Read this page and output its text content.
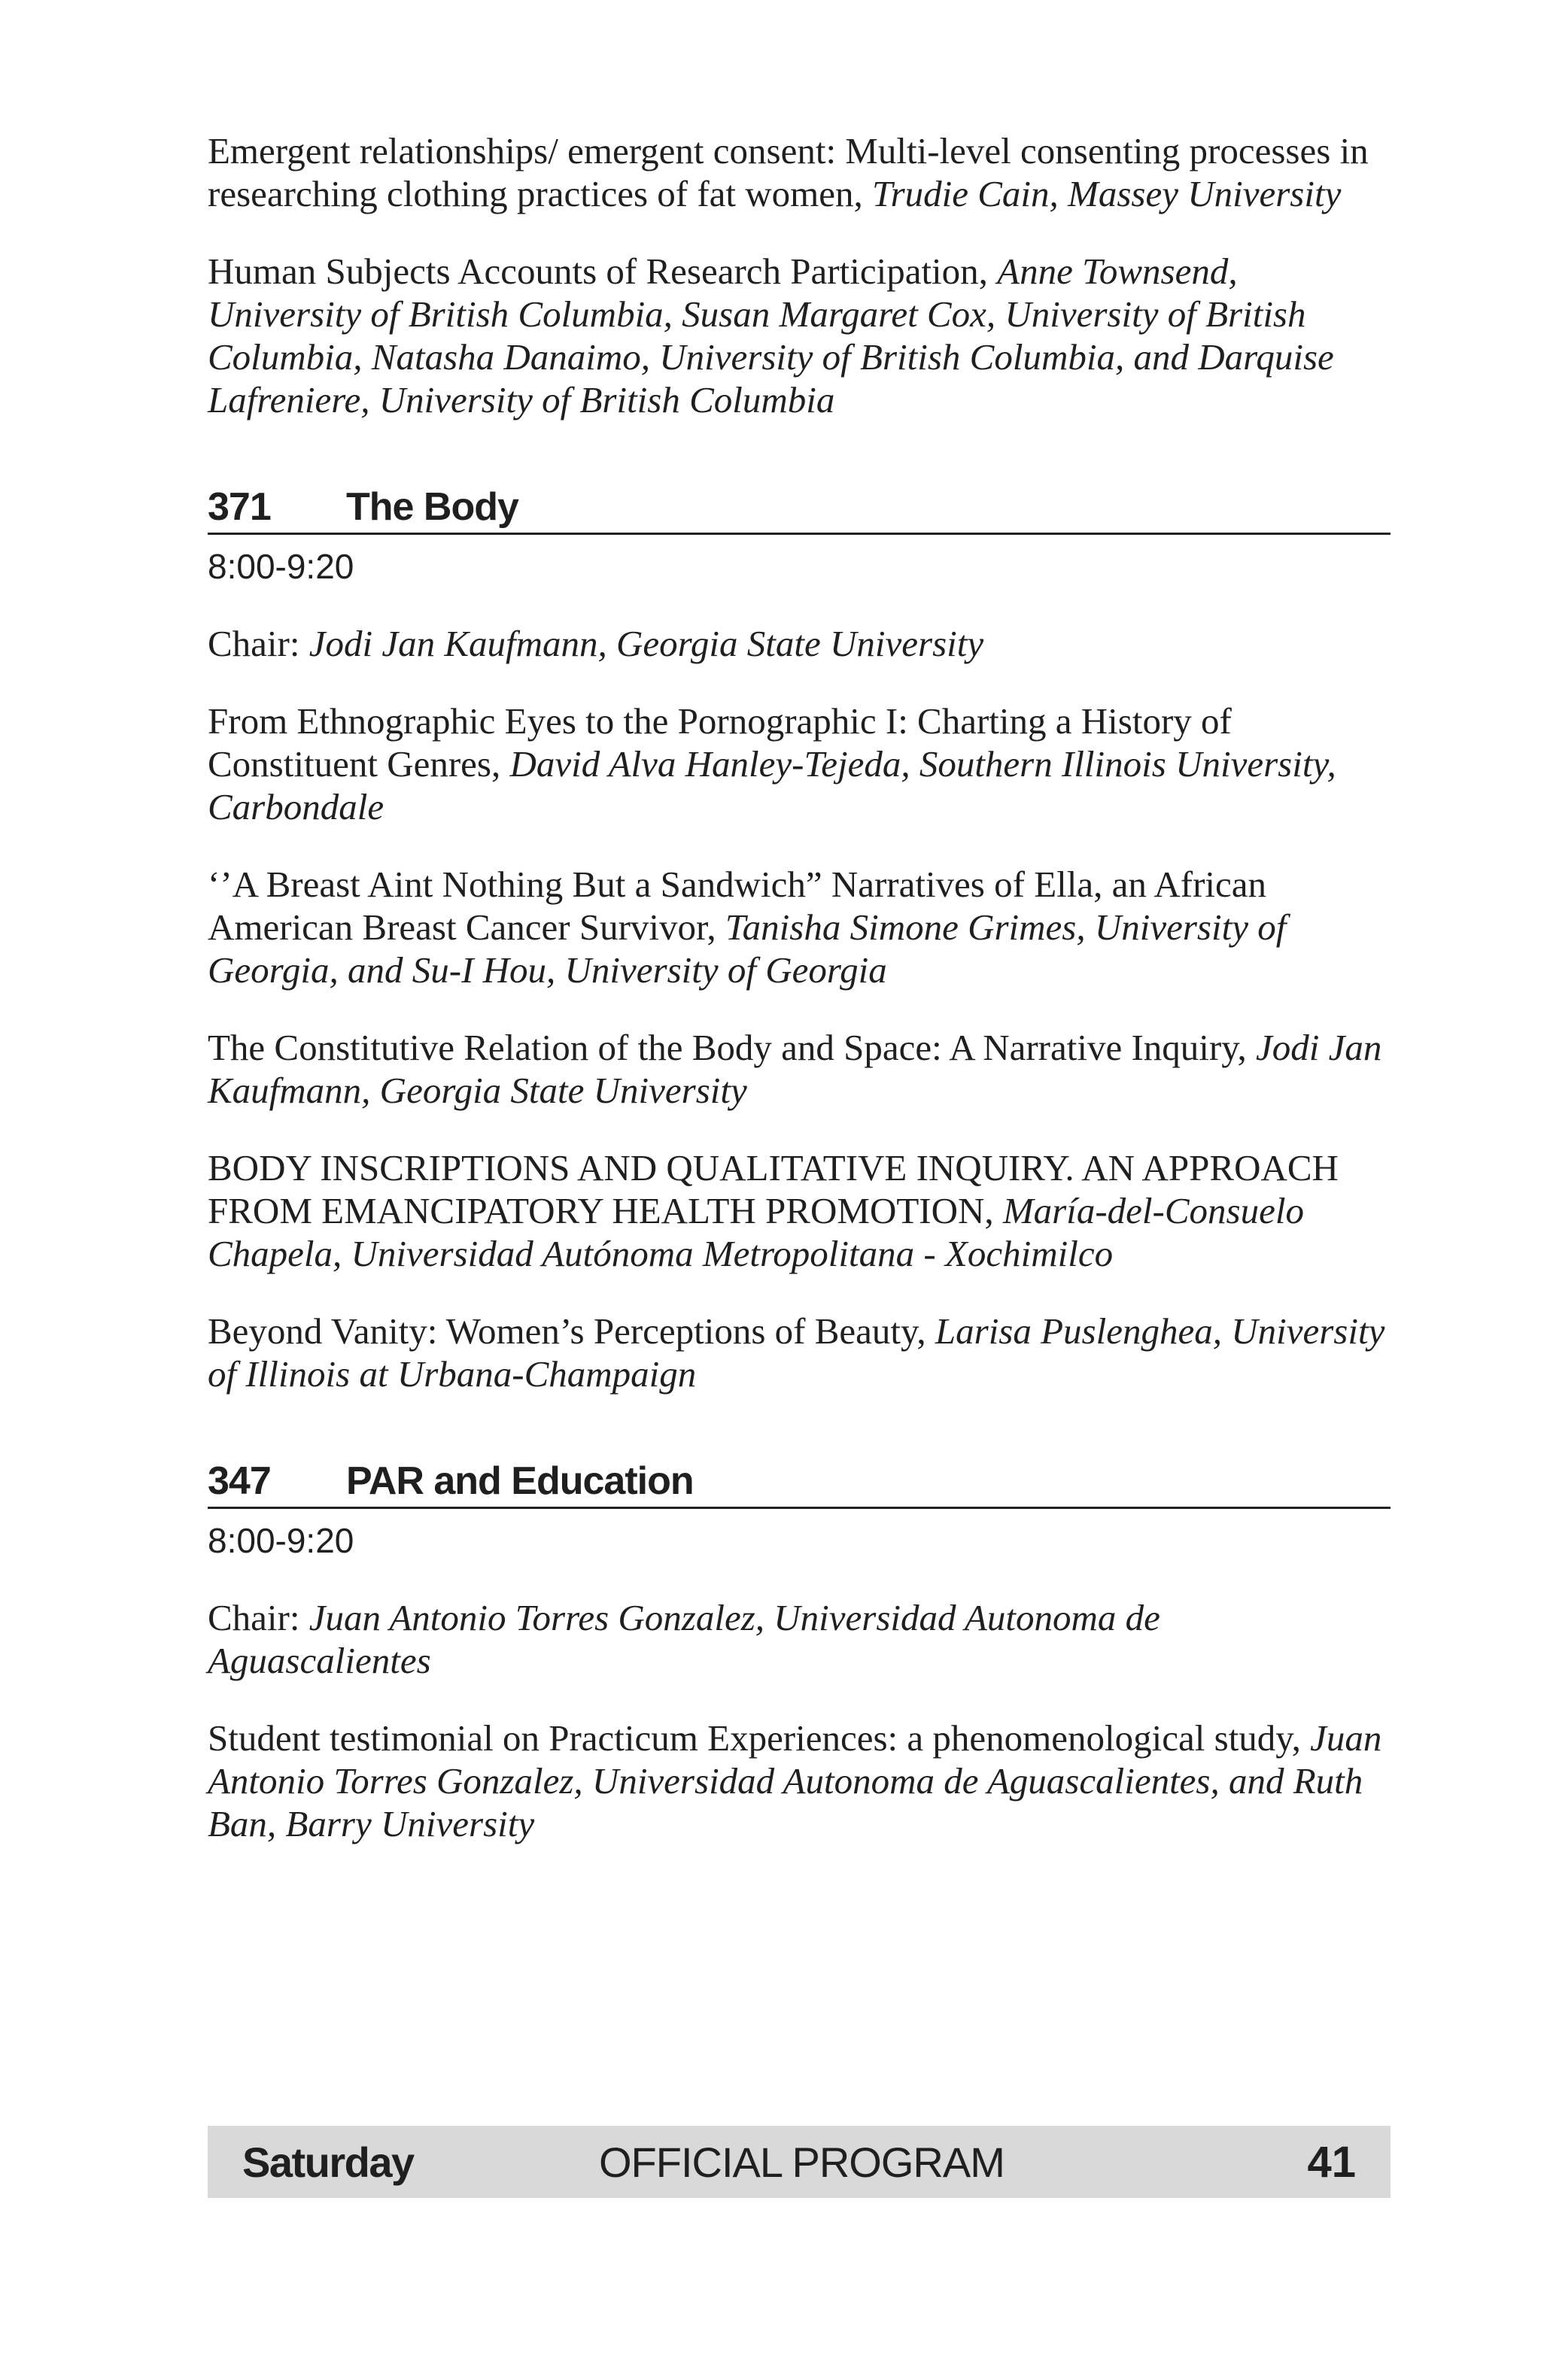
Emergent relationships/ emergent consent: Multi-level consenting processes in researching clothing practices of fat women, Trudie Cain, Massey University
Human Subjects Accounts of Research Participation, Anne Townsend, University of British Columbia, Susan Margaret Cox, University of British Columbia, Natasha Danaimo, University of British Columbia, and Darquise Lafreniere, University of British Columbia
371	The Body
8:00-9:20
Chair: Jodi Jan Kaufmann, Georgia State University
From Ethnographic Eyes to the Pornographic I: Charting a History of Constituent Genres, David Alva Hanley-Tejeda, Southern Illinois University, Carbondale
‘’A Breast Aint Nothing But a Sandwich” Narratives of Ella, an African American Breast Cancer Survivor, Tanisha Simone Grimes, University of Georgia, and Su-I Hou, University of Georgia
The Constitutive Relation of the Body and Space: A Narrative Inquiry, Jodi Jan Kaufmann, Georgia State University
BODY INSCRIPTIONS AND QUALITATIVE INQUIRY. AN APPROACH FROM EMANCIPATORY HEALTH PROMOTION, María-del-Consuelo Chapela, Universidad Autónoma Metropolitana - Xochimilco
Beyond Vanity: Women’s Perceptions of Beauty, Larisa Puslenghea, University of Illinois at Urbana-Champaign
347	PAR and Education
8:00-9:20
Chair: Juan Antonio Torres Gonzalez, Universidad Autonoma de Aguascalientes
Student testimonial on Practicum Experiences: a phenomenological study, Juan Antonio Torres Gonzalez, Universidad Autonoma de Aguascalientes, and Ruth Ban, Barry University
Saturday	OFFICIAL PROGRAM	41
